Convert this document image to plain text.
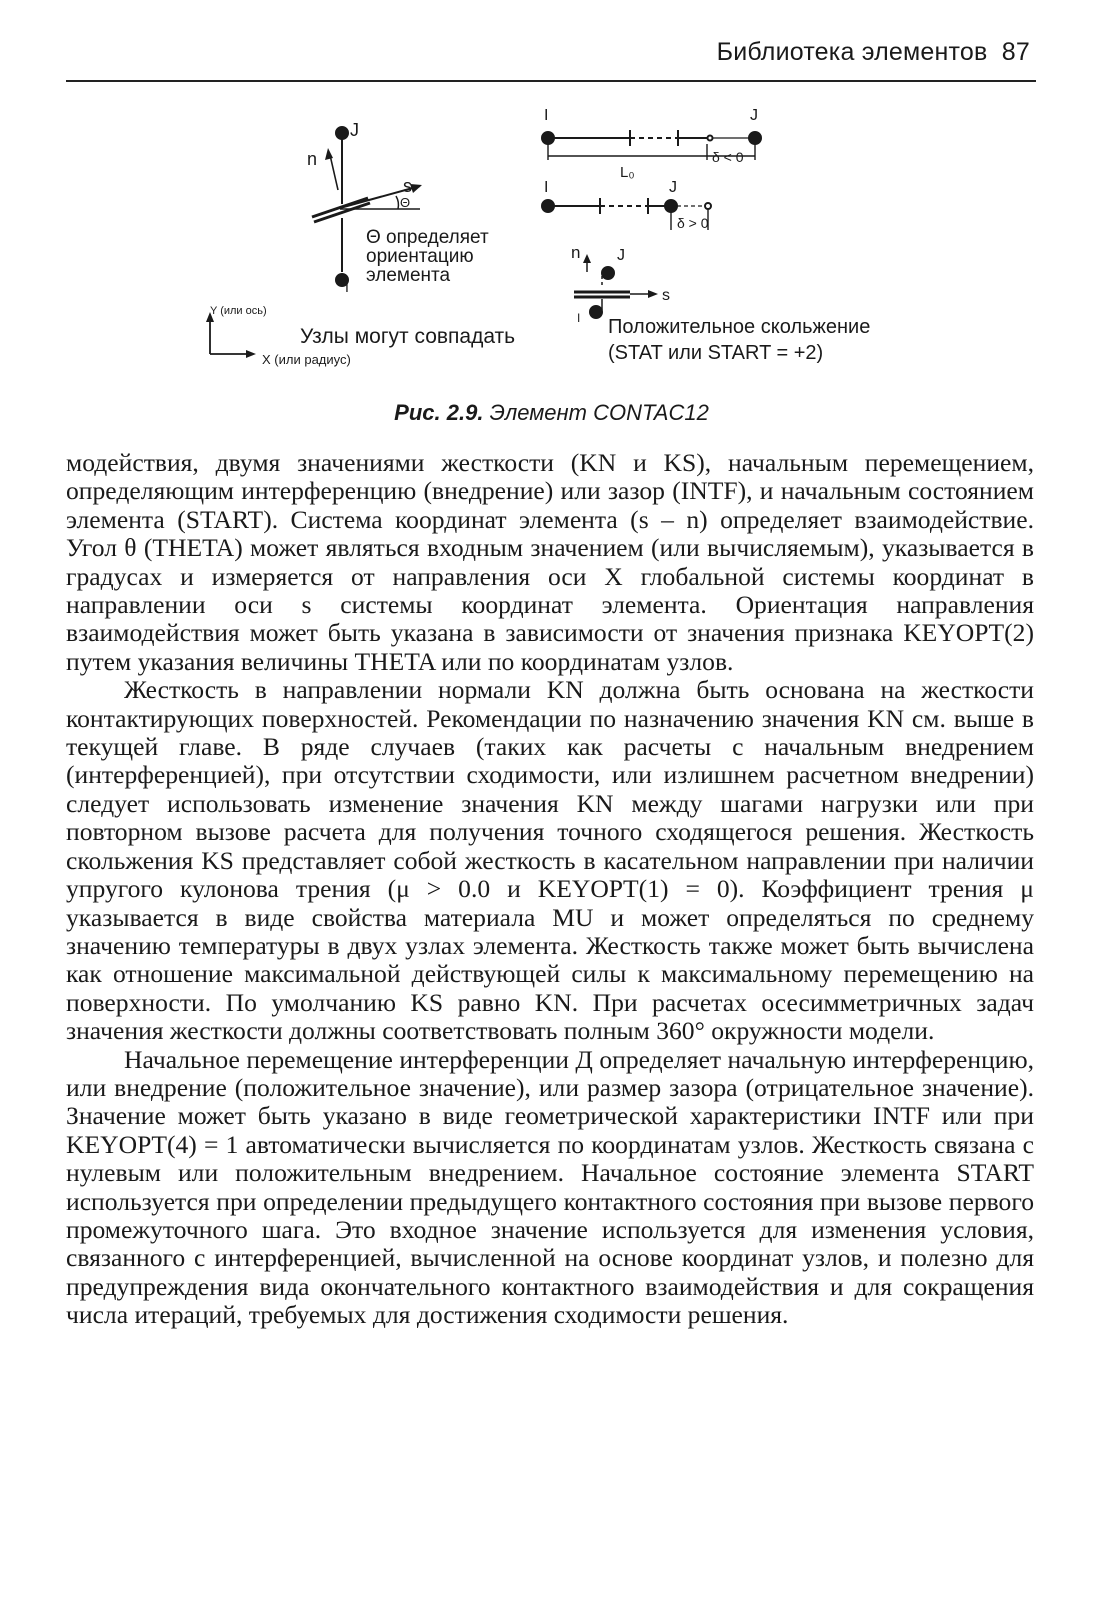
Библиотека элементов 87
J
I
n
s
Θ
Θ определяет
ориентацию
элемента
Y (или ось)
X (или радиус)
Узлы могут совпадать
I	J
δ < 0
L₀
I	J
δ > 0
n J
s
I Положительное скольжение
(STAT или START = +2)
Рис. 2.9. Элемент CONTAC12

модействия, двумя значениями жесткости (KN и KS), начальным перемещением, определяющим интерференцию (внедрение) или зазор (INTF), и начальным состоянием элемента (START). Система координат элемента (s – n) определяет взаимодействие. Угол θ (THETA) может являться входным значением (или вычисляемым), указывается в градусах и измеряется от направления оси X глобальной системы координат в направлении оси s системы координат элемента. Ориентация направления взаимодействия может быть указана в зависимости от значения признака KEYOPT(2) путем указания величины THETA или по координатам узлов.

Жесткость в направлении нормали KN должна быть основана на жесткости контактирующих поверхностей. Рекомендации по назначению значения KN см. выше в текущей главе. В ряде случаев (таких как расчеты с начальным внедрением (интерференцией), при отсутствии сходимости, или излишнем расчетном внедрении) следует использовать изменение значения KN между шагами нагрузки или при повторном вызове расчета для получения точного сходящегося решения. Жесткость скольжения KS представляет собой жесткость в касательном направлении при наличии упругого кулонова трения (μ > 0.0 и KEYOPT(1) = 0). Коэффициент трения μ указывается в виде свойства материала MU и может определяться по среднему значению температуры в двух узлах элемента. Жесткость также может быть вычислена как отношение максимальной действующей силы к максимальному перемещению на поверхности. По умолчанию KS равно KN. При расчетах осесимметричных задач значения жесткости должны соответствовать полным 360° окружности модели.

Начальное перемещение интерференции Д определяет начальную интерференцию, или внедрение (положительное значение), или размер зазора (отрицательное значение). Значение может быть указано в виде геометрической характеристики INTF или при KEYOPT(4) = 1 автоматически вычисляется по координатам узлов. Жесткость связана с нулевым или положительным внедрением. Начальное состояние элемента START используется при определении предыдущего контактного состояния при вызове первого промежуточного шага. Это входное значение используется для изменения условия, связанного с интерференцией, вычисленной на основе координат узлов, и полезно для предупреждения вида окончательного контактного взаимодействия и для сокращения числа итераций, требуемых для достижения сходимости решения.
